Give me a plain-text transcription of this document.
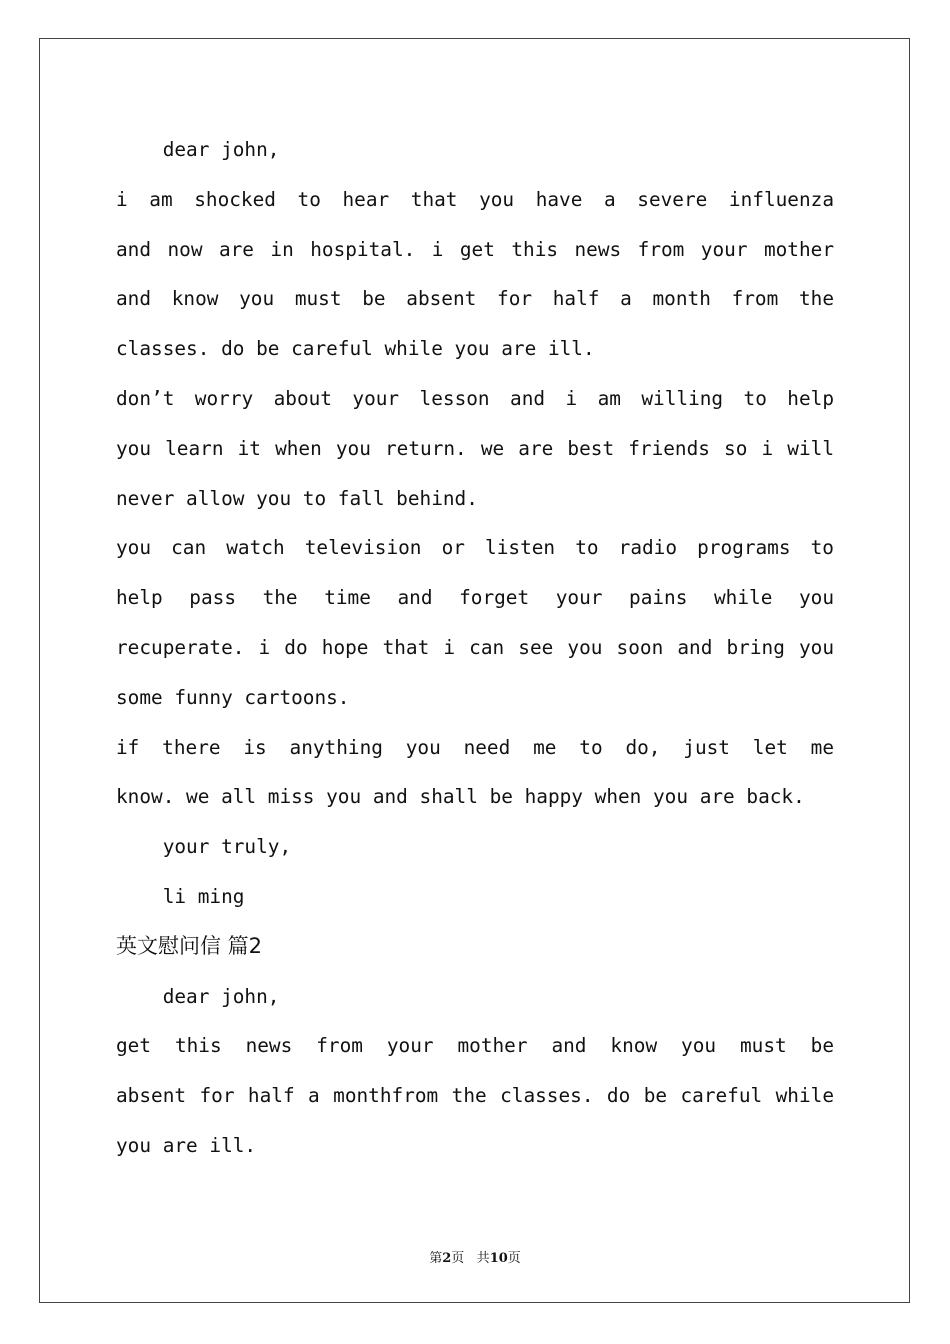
dear john,
i am shocked to hear that you have a severe influenza
and now are in hospital. i get this news from your mother
and know you must be absent for half a month from the
classes. do be careful while you are ill.
don’t worry about your lesson and i am willing to help
you learn it when you return. we are best friends so i will
never allow you to fall behind.
you can watch television or listen to radio programs to
help pass the time and forget your pains while you
recuperate. i do hope that i can see you soon and bring you
some funny cartoons.
if there is anything you need me to do, just let me
know. we all miss you and shall be happy when you are back.
your truly,
li ming
英文慰问信 篇2
dear john,
get this news from your mother and know you must be
absent for half a monthfrom the classes. do be careful while
you are ill.
第2页 共10页
